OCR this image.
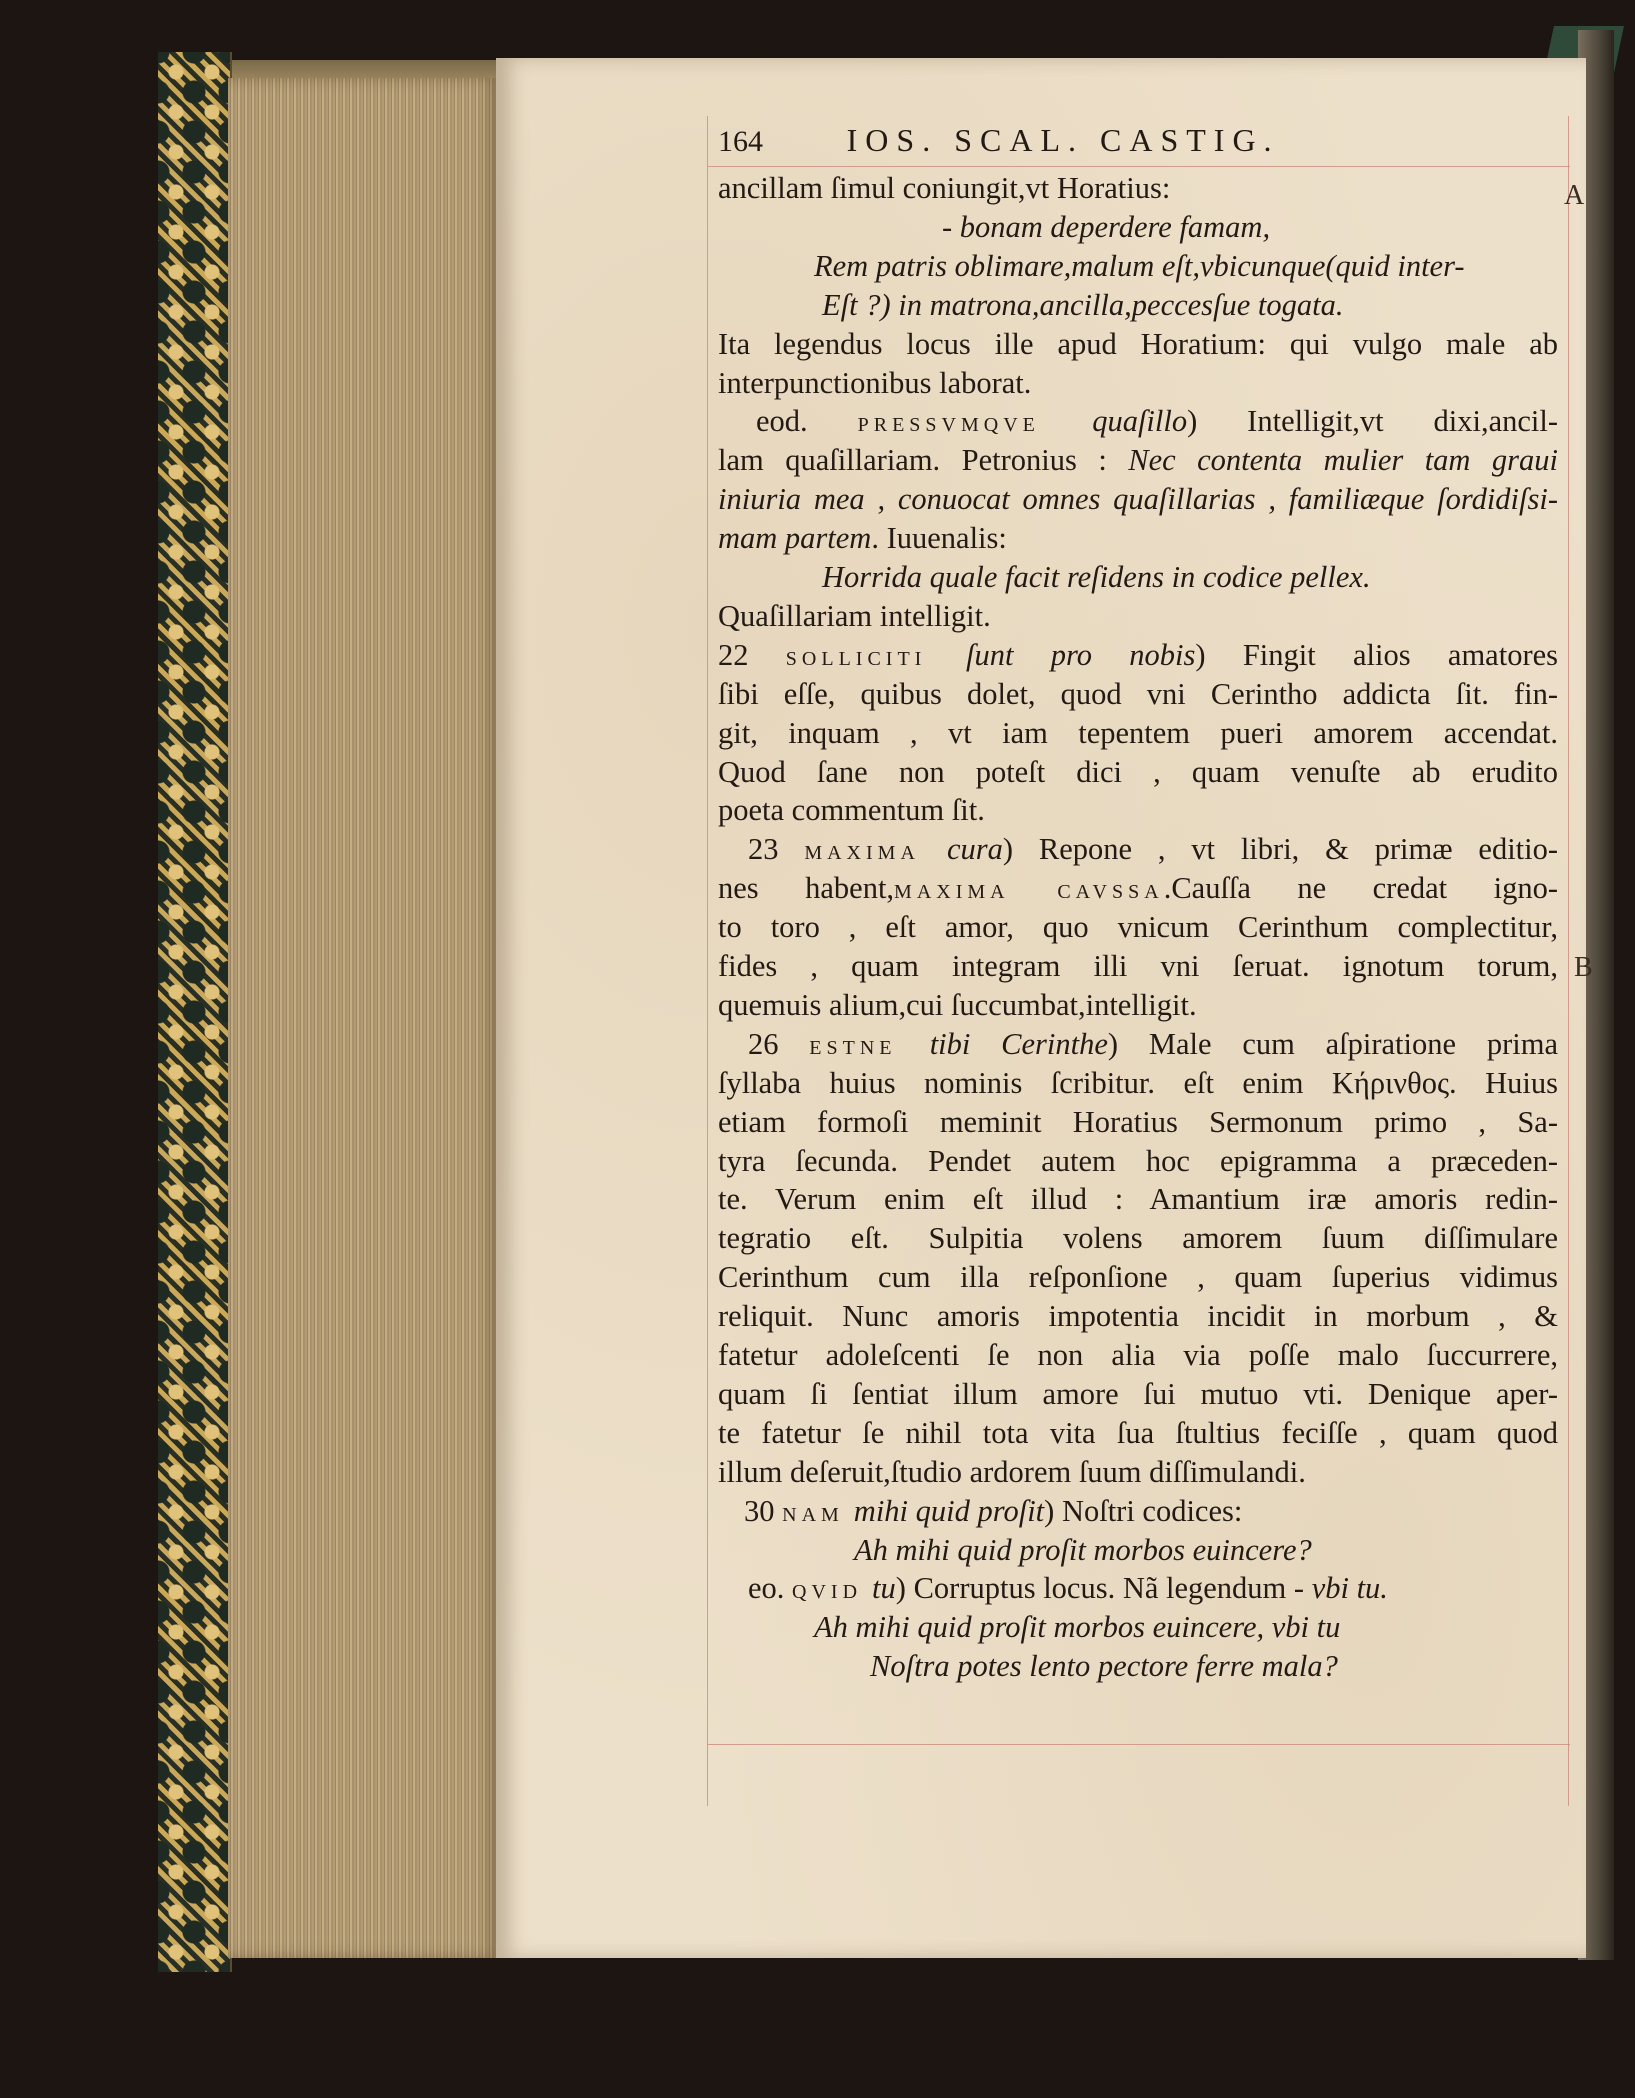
164	IOS. SCAL. CASTIG.
ancillam ſimul coniungit,vt Horatius:
- bonam deperdere famam,
Rem patris oblimare,malum eſt,vbicunque(quid inter-
Eſt ?) in matrona,ancilla,peccesſue togata.
Ita legendus locus ille apud Horatium: qui vulgo male ab
interpunctionibus laborat.
eod. PRESSVMQVE quaſillo) Intelligit,vt dixi,ancil-
lam quaſillariam. Petronius : Nec contenta mulier tam graui
iniuria mea , conuocat omnes quaſillarias , familiæque ſordidiſsi-
mam partem. Iuuenalis:
Horrida quale facit reſidens in codice pellex.
Quaſillariam intelligit.
22 SOLLICITI ſunt pro nobis) Fingit alios amatores
ſibi eſſe, quibus dolet, quod vni Cerintho addicta ſit. fin-
git, inquam , vt iam tepentem pueri amorem accendat.
Quod ſane non poteſt dici , quam venuſte ab erudito
poeta commentum ſit.
23 MAXIMA cura) Repone , vt libri, & primæ editio-
nes habent,MAXIMA CAVSSA.Cauſſa ne credat igno-
to toro , eſt amor, quo vnicum Cerinthum complectitur,
fides , quam integram illi vni ſeruat. ignotum torum,
quemuis alium,cui ſuccumbat,intelligit.
26 ESTNE tibi Cerinthe) Male cum aſpiratione prima
ſyllaba huius nominis ſcribitur. eſt enim Κήρινθος. Huius
etiam formoſi meminit Horatius Sermonum primo , Sa-
tyra ſecunda. Pendet autem hoc epigramma a præceden-
te. Verum enim eſt illud : Amantium iræ amoris redin-
tegratio eſt. Sulpitia volens amorem ſuum diſſimulare
Cerinthum cum illa reſponſione , quam ſuperius vidimus
reliquit. Nunc amoris impotentia incidit in morbum , &
fatetur adoleſcenti ſe non alia via poſſe malo ſuccurrere,
quam ſi ſentiat illum amore ſui mutuo vti. Denique aper-
te fatetur ſe nihil tota vita ſua ſtultius feciſſe , quam quod
illum deſeruit,ſtudio ardorem ſuum diſſimulandi.
30 NAM mihi quid proſit) Noſtri codices:
Ah mihi quid proſit morbos euincere?
eo. QVID tu) Corruptus locus. Nã legendum - vbi tu.
Ah mihi quid proſit morbos euincere, vbi tu
Noſtra potes lento pectore ferre mala?
A
B
